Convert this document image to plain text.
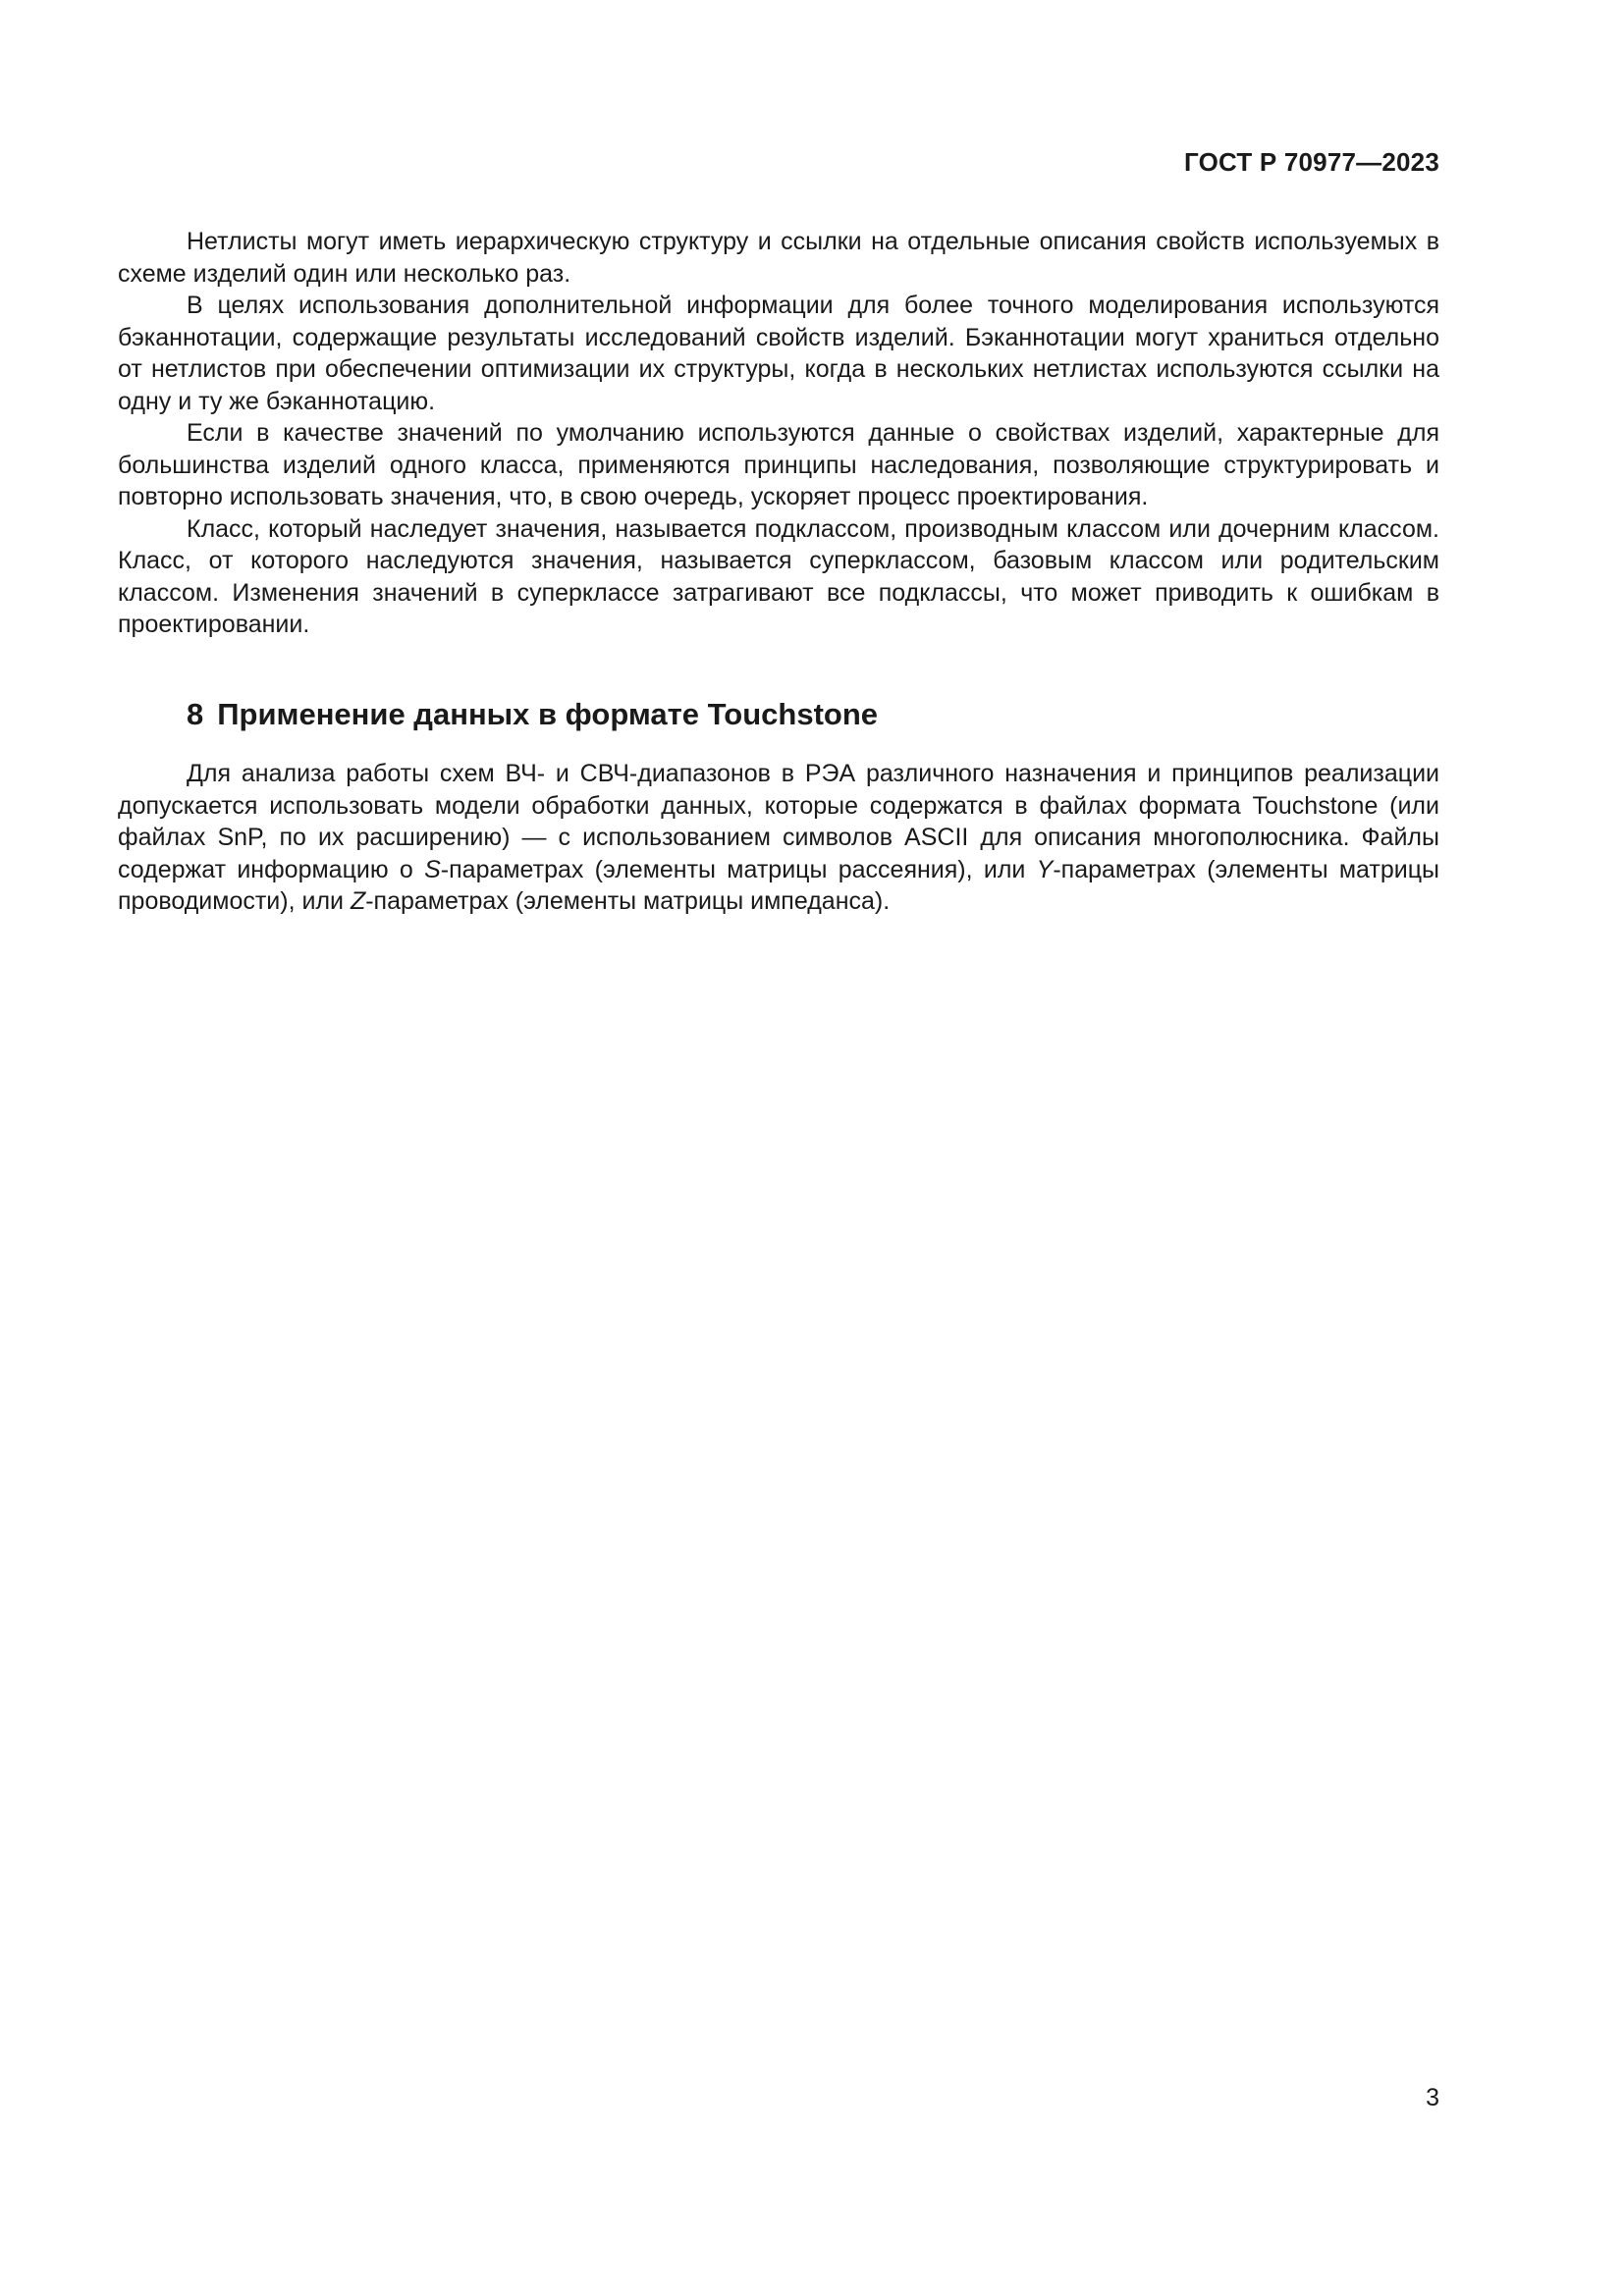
ГОСТ Р 70977—2023

Нетлисты могут иметь иерархическую структуру и ссылки на отдельные описания свойств используемых в схеме изделий один или несколько раз.

В целях использования дополнительной информации для более точного моделирования используются бэканнотации, содержащие результаты исследований свойств изделий. Бэканнотации могут храниться отдельно от нетлистов при обеспечении оптимизации их структуры, когда в нескольких нетлистах используются ссылки на одну и ту же бэканнотацию.

Если в качестве значений по умолчанию используются данные о свойствах изделий, характерные для большинства изделий одного класса, применяются принципы наследования, позволяющие структурировать и повторно использовать значения, что, в свою очередь, ускоряет процесс проектирования.

Класс, который наследует значения, называется подклассом, производным классом или дочерним классом. Класс, от которого наследуются значения, называется суперклассом, базовым классом или родительским классом. Изменения значений в суперклассе затрагивают все подклассы, что может приводить к ошибкам в проектировании.

8 Применение данных в формате Touchstone

Для анализа работы схем ВЧ- и СВЧ-диапазонов в РЭА различного назначения и принципов реализации допускается использовать модели обработки данных, которые содержатся в файлах формата Touchstone (или файлах SnP, по их расширению) — с использованием символов ASCII для описания многополюсника. Файлы содержат информацию о S-параметрах (элементы матрицы рассеяния), или Y-параметрах (элементы матрицы проводимости), или Z-параметрах (элементы матрицы импеданса).

3
